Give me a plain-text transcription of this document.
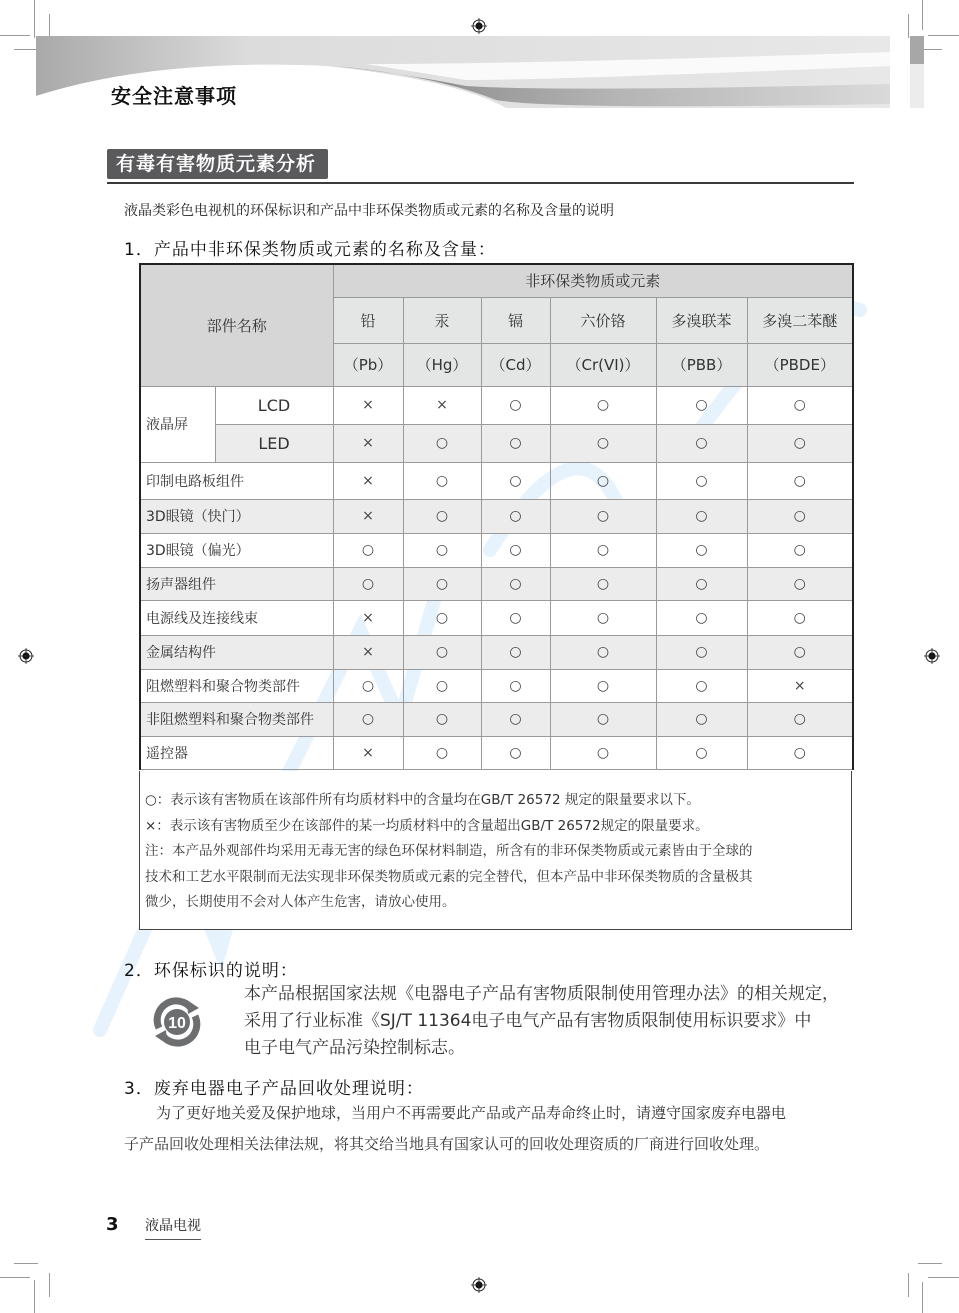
安全注意事项
有毒有害物质元素分析
液晶类彩色电视机的环保标识和产品中非环保类物质或元素的名称及含量的说明
1．产品中非环保类物质或元素的名称及含量：
部件名称		非环保类物质或元素					
		铅	汞	镉	六价铬	多溴联苯	多溴二苯醚
		（Pb）	（Hg）	（Cd）	（Cr(VI)）	（PBB）	（PBDE）
液晶屏	LCD	×	×	○	○	○	○
	LED	×	○	○	○	○	○
印制电路板组件		×	○	○	○	○	○
3D眼镜（快门）		×	○	○	○	○	○
3D眼镜（偏光）		○	○	○	○	○	○
扬声器组件		○	○	○	○	○	○
电源线及连接线束		×	○	○	○	○	○
金属结构件		×	○	○	○	○	○
阻燃塑料和聚合物类部件		○	○	○	○	○	×
非阻燃塑料和聚合物类部件		○	○	○	○	○	○
遥控器		×	○	○	○	○	○

○：表示该有害物质在该部件所有均质材料中的含量均在GB/T 26572 规定的限量要求以下。

×：表示该有害物质至少在该部件的某一均质材料中的含量超出GB/T 26572规定的限量要求。

注：本产品外观部件均采用无毒无害的绿色环保材料制造，所含有的非环保类物质或元素皆由于全球的

技术和工艺水平限制而无法实现非环保类物质或元素的完全替代，但本产品中非环保类物质的含量极其

微少，长期使用不会对人体产生危害，请放心使用。

2．环保标识的说明：
10
本产品根据国家法规《电器电子产品有害物质限制使用管理办法》的相关规定，
采用了行业标准《SJ/T 11364电子电气产品有害物质限制使用标识要求》中
电子电气产品污染控制标志。
3．废弃电器电子产品回收处理说明：
为了更好地关爱及保护地球，当用户不再需要此产品或产品寿命终止时，请遵守国家废弃电器电
子产品回收处理相关法律法规，将其交给当地具有国家认可的回收处理资质的厂商进行回收处理。
3 液晶电视
